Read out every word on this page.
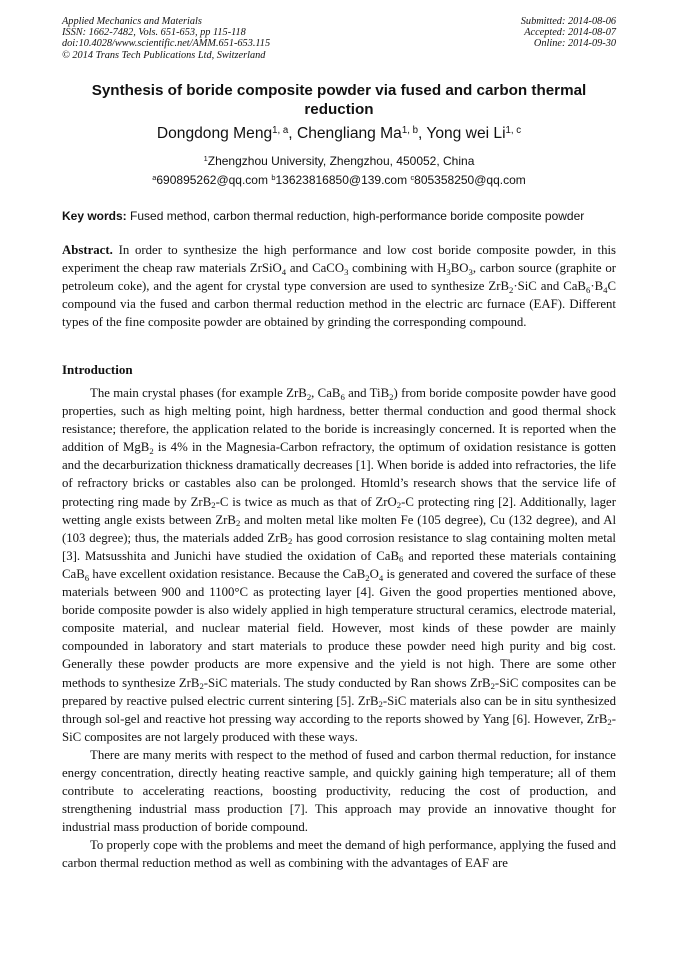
Applied Mechanics and Materials
ISSN: 1662-7482, Vols. 651-653, pp 115-118
doi:10.4028/www.scientific.net/AMM.651-653.115
© 2014 Trans Tech Publications Ltd, Switzerland
Submitted: 2014-08-06
Accepted: 2014-08-07
Online: 2014-09-30
Synthesis of boride composite powder via fused and carbon thermal reduction
Dongdong Meng$^{1, a}$, Chengliang Ma$^{1, b}$, Yong wei Li$^{1, c}$
$^1$Zhengzhou University, Zhengzhou, 450052, China
$^a$690895262@qq.com $^b$13623816850@139.com $^c$805358250@qq.com
Key words: Fused method, carbon thermal reduction, high-performance boride composite powder
Abstract. In order to synthesize the high performance and low cost boride composite powder, in this experiment the cheap raw materials ZrSiO$_4$ and CaCO$_3$ combining with $H_3BO_3$, carbon source (graphite or petroleum coke), and the agent for crystal type conversion are used to synthesize ZrB$_2$·SiC and $CaB_6\cdot B_4C$ compound via the fused and carbon thermal reduction method in the electric arc furnace (EAF). Different types of the fine composite powder are obtained by grinding the corresponding compound.
Introduction

The main crystal phases (for example ZrB$_2$, CaB$_6$ and TiB$_2$) from boride composite powder have good properties, such as high melting point, high hardness, better thermal conduction and good thermal shock resistance; therefore, the application related to the boride is increasingly concerned. It is reported when the addition of MgB$_2$ is 4% in the Magnesia-Carbon refractory, the optimum of oxidation resistance is gotten and the decarburization thickness dramatically decreases [1]. When boride is added into refractories, the life of refractory bricks or castables also can be prolonged. Htomld’s research shows that the service life of protecting ring made by ZrB$_2$-C is twice as much as that of ZrO$_2$-C protecting ring [2]. Additionally, lager wetting angle exists between ZrB$_2$ and molten metal like molten Fe (105 degree), Cu (132 degree), and Al (103 degree); thus, the materials added ZrB$_2$ has good corrosion resistance to slag containing molten metal [3]. Matsusshita and Junichi have studied the oxidation of CaB$_6$ and reported these materials containing CaB$_6$ have excellent oxidation resistance. Because the $CaB_2O_4$ is generated and covered the surface of these materials between 900 and 1100°C as protecting layer [4]. Given the good properties mentioned above, boride composite powder is also widely applied in high temperature structural ceramics, electrode material, composite material, and nuclear material field. However, most kinds of these powder are mainly compounded in laboratory and start materials to produce these powder need high purity and big cost. Generally these powder products are more expensive and the yield is not high. There are some other methods to synthesize ZrB$_2$-SiC materials. The study conducted by Ran shows ZrB$_2$-SiC composites can be prepared by reactive pulsed electric current sintering [5]. ZrB$_2$-SiC materials also can be in situ synthesized through sol-gel and reactive hot pressing way according to the reports showed by Yang [6]. However, ZrB$_2$-SiC composites are not largely produced with these ways.

There are many merits with respect to the method of fused and carbon thermal reduction, for instance energy concentration, directly heating reactive sample, and quickly gaining high temperature; all of them contribute to accelerating reactions, boosting productivity, reducing the cost of production, and strengthening industrial mass production [7]. This approach may provide an innovative thought for industrial mass production of boride compound.

To properly cope with the problems and meet the demand of high performance, applying the fused and carbon thermal reduction method as well as combining with the advantages of EAF are
